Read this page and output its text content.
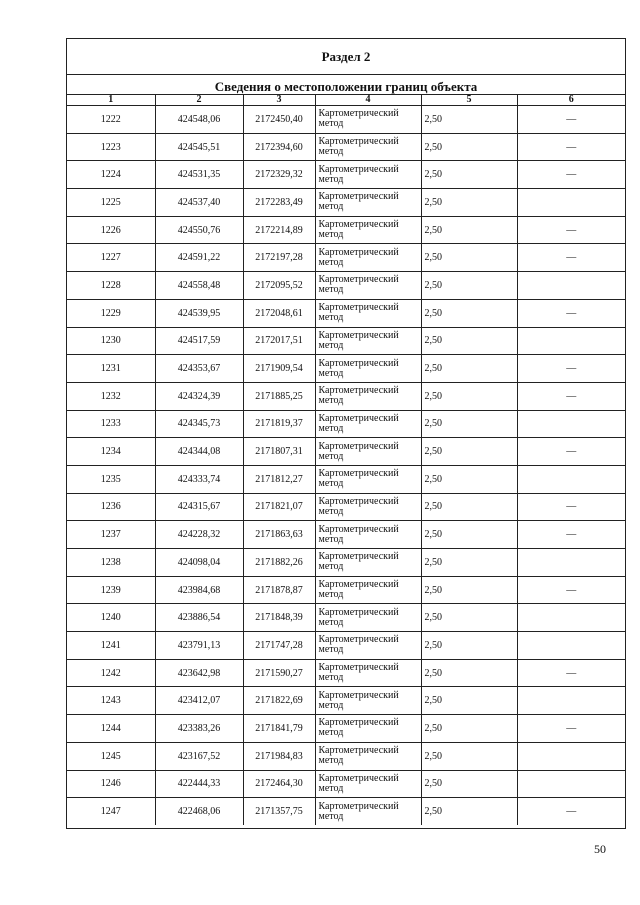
Раздел 2
Сведения о местоположении границ объекта
1	2	3	4	5	6
1222	424548,06	2172450,40	Картометрический метод	2,50	—
1223	424545,51	2172394,60	Картометрический метод	2,50	—
1224	424531,35	2172329,32	Картометрический метод	2,50	—
1225	424537,40	2172283,49	Картометрический метод	2,50	
1226	424550,76	2172214,89	Картометрический метод	2,50	—
1227	424591,22	2172197,28	Картометрический метод	2,50	—
1228	424558,48	2172095,52	Картометрический метод	2,50	
1229	424539,95	2172048,61	Картометрический метод	2,50	—
1230	424517,59	2172017,51	Картометрический метод	2,50	
1231	424353,67	2171909,54	Картометрический метод	2,50	—
1232	424324,39	2171885,25	Картометрический метод	2,50	—
1233	424345,73	2171819,37	Картометрический метод	2,50	
1234	424344,08	2171807,31	Картометрический метод	2,50	—
1235	424333,74	2171812,27	Картометрический метод	2,50	
1236	424315,67	2171821,07	Картометрический метод	2,50	—
1237	424228,32	2171863,63	Картометрический метод	2,50	—
1238	424098,04	2171882,26	Картометрический метод	2,50	
1239	423984,68	2171878,87	Картометрический метод	2,50	—
1240	423886,54	2171848,39	Картометрический метод	2,50	
1241	423791,13	2171747,28	Картометрический метод	2,50	
1242	423642,98	2171590,27	Картометрический метод	2,50	—
1243	423412,07	2171822,69	Картометрический метод	2,50	
1244	423383,26	2171841,79	Картометрический метод	2,50	—
1245	423167,52	2171984,83	Картометрический метод	2,50	
1246	422444,33	2172464,30	Картометрический метод	2,50	
1247	422468,06	2171357,75	Картометрический метод	2,50	—
50
